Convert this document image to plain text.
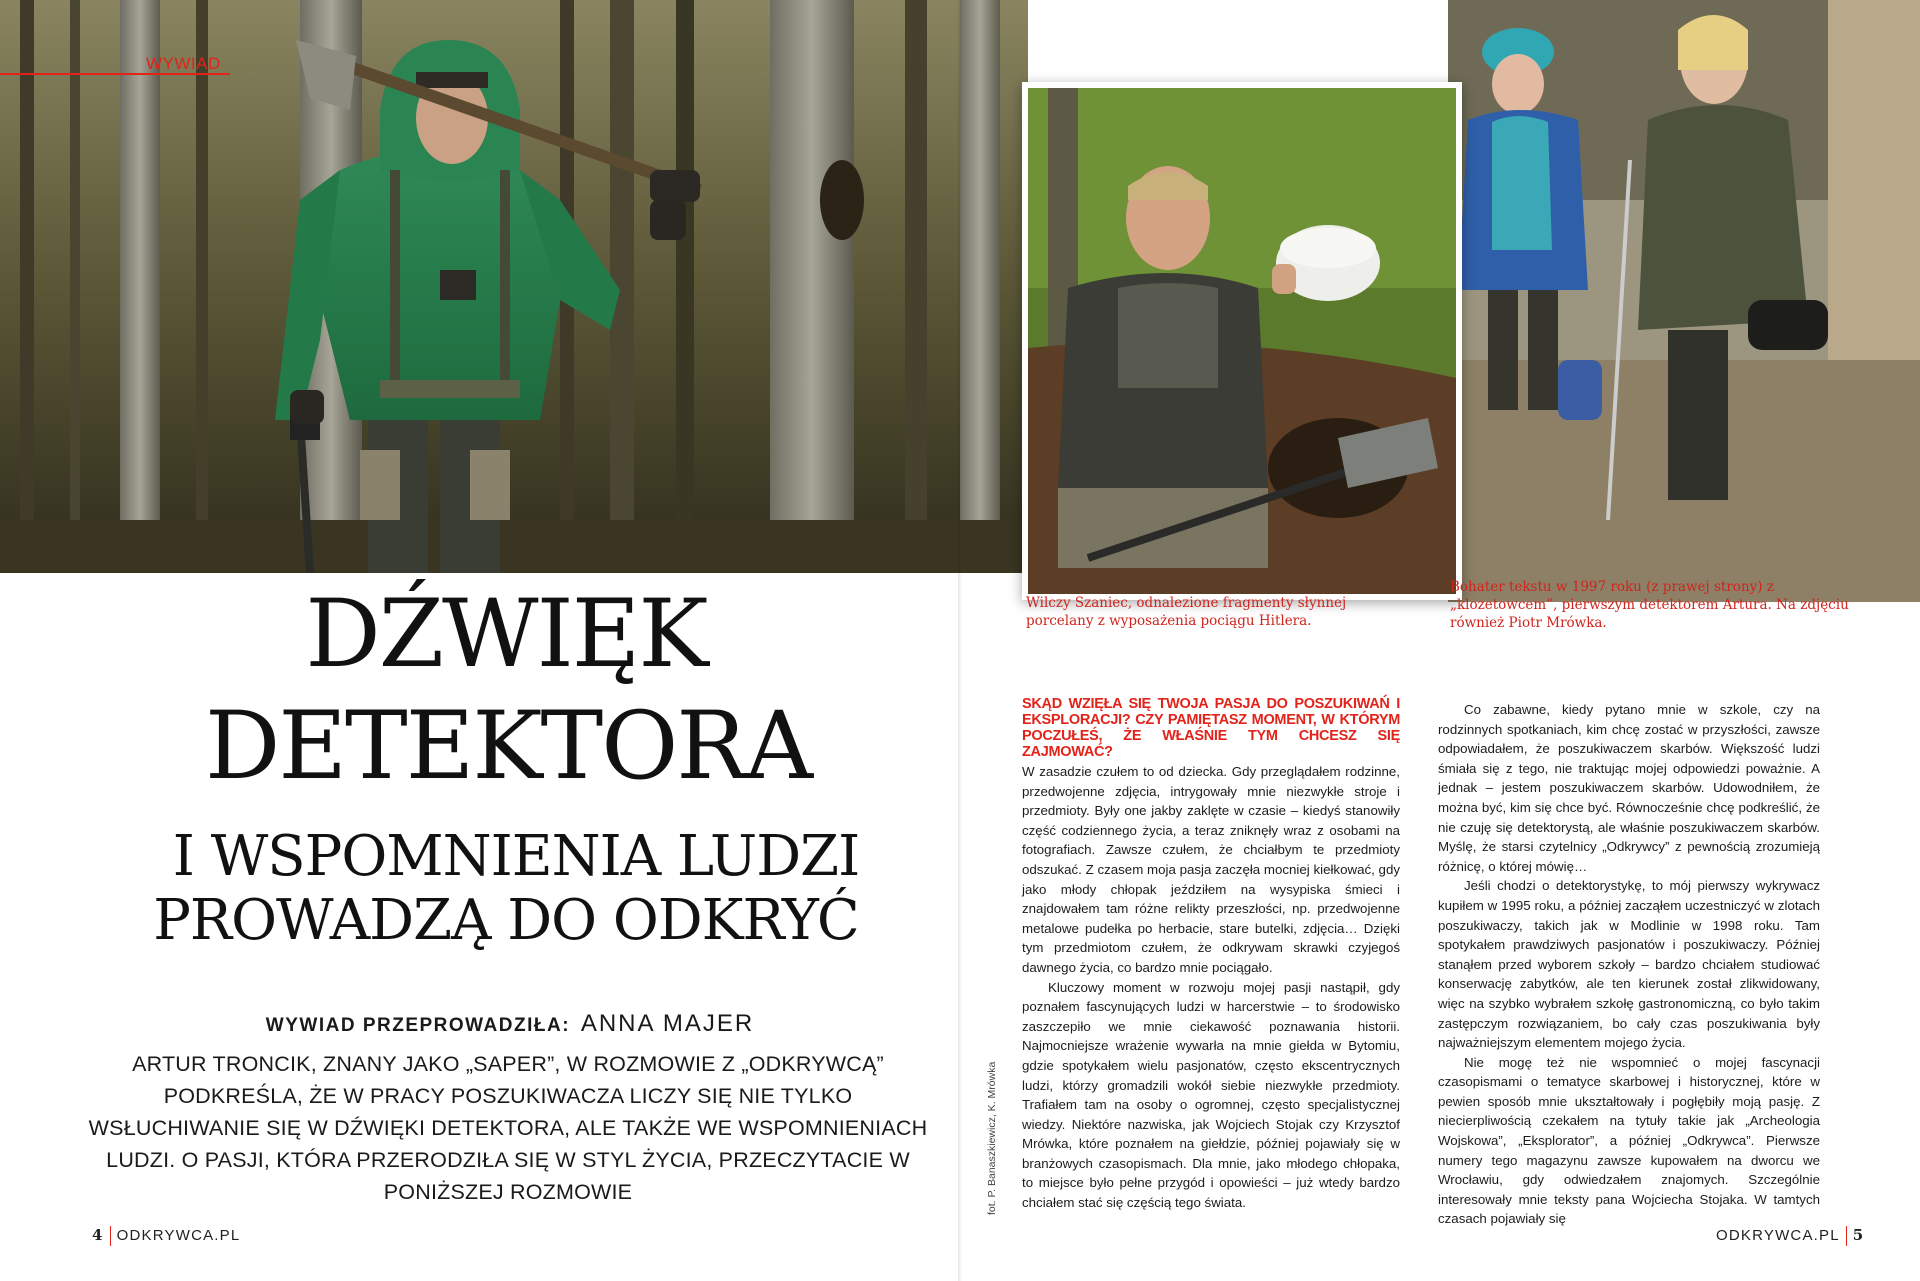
WYWIAD
DŹWIĘK
DETEKTORA
I WSPOMNIENIA LUDZI
PROWADZĄ DO ODKRYĆ
WYWIAD PRZEPROWADZIŁA: ANNA MAJER
ARTUR TRONCIK, ZNANY JAKO „SAPER”, W ROZMOWIE Z „ODKRYWCĄ” PODKREŚLA, ŻE W PRACY POSZUKIWACZA LICZY SIĘ NIE TYLKO WSŁUCHIWANIE SIĘ W DŹWIĘKI DETEKTORA, ALE TAKŻE WE WSPOMNIENIACH LUDZI. O PASJI, KTÓRA PRZERODZIŁA SIĘ W STYL ŻYCIA, PRZECZYTACIE W PONIŻSZEJ ROZMOWIE
4 ODKRYWCA.PL
Wilczy Szaniec, odnalezione fragmenty słynnej porcelany z wyposażenia pociągu Hitlera.
Bohater tekstu w 1997 roku (z prawej strony) z „klozetowcem”, pierwszym detektorem Artura. Na zdjęciu również Piotr Mrówka.
fot. P. Banaszkiewicz, K. Mrówka
SKĄD WZIĘŁA SIĘ TWOJA PASJA DO POSZUKIWAŃ I EKSPLORACJI? CZY PAMIĘTASZ MOMENT, W KTÓRYM POCZUŁEŚ, ŻE WŁAŚNIE TYM CHCESZ SIĘ ZAJMOWAĆ?

W zasadzie czułem to od dziecka. Gdy przeglądałem rodzinne, przedwojenne zdjęcia, intrygowały mnie niezwykłe stroje i przedmioty. Były one jakby zaklęte w czasie – kiedyś stanowiły część codziennego życia, a teraz zniknęły wraz z osobami na fotografiach. Zawsze czułem, że chciałbym te przedmioty odszukać. Z czasem moja pasja zaczęła mocniej kiełkować, gdy jako młody chłopak jeździłem na wysypiska śmieci i znajdowałem tam różne relikty przeszłości, np. przedwojenne metalowe pudełka po herbacie, stare butelki, zdjęcia… Dzięki tym przedmiotom czułem, że odkrywam skrawki czyjegoś dawnego życia, co bardzo mnie pociągało.

Kluczowy moment w rozwoju mojej pasji nastąpił, gdy poznałem fascynujących ludzi w harcerstwie – to środowisko zaszczepiło we mnie ciekawość poznawania historii. Najmocniejsze wrażenie wywarła na mnie giełda w Bytomiu, gdzie spotykałem wielu pasjonatów, często ekscentrycznych ludzi, którzy gromadzili wokół siebie niezwykłe przedmioty. Trafiałem tam na osoby o ogromnej, często specjalistycznej wiedzy. Niektóre nazwiska, jak Wojciech Stojak czy Krzysztof Mrówka, które poznałem na giełdzie, później pojawiały się w branżowych czasopismach. Dla mnie, jako młodego chłopaka, to miejsce było pełne przygód i opowieści – już wtedy bardzo chciałem stać się częścią tego świata.

Co zabawne, kiedy pytano mnie w szkole, czy na rodzinnych spotkaniach, kim chcę zostać w przyszłości, zawsze odpowiadałem, że poszukiwaczem skarbów. Większość ludzi śmiała się z tego, nie traktując mojej odpowiedzi poważnie. A jednak – jestem poszukiwaczem skarbów. Udowodniłem, że można być, kim się chce być. Równocześnie chcę podkreślić, że nie czuję się detektorystą, ale właśnie poszukiwaczem skarbów. Myślę, że starsi czytelnicy „Odkrywcy” z pewnością zrozumieją różnicę, o której mówię…

Jeśli chodzi o detektorystykę, to mój pierwszy wykrywacz kupiłem w 1995 roku, a później zacząłem uczestniczyć w zlotach poszukiwaczy, takich jak w Modlinie w 1998 roku. Tam spotykałem prawdziwych pasjonatów i poszukiwaczy. Później stanąłem przed wyborem szkoły – bardzo chciałem studiować konserwację zabytków, ale ten kierunek został zlikwidowany, więc na szybko wybrałem szkołę gastronomiczną, co było takim zastępczym rozwiązaniem, bo cały czas poszukiwania były najważniejszym elementem mojego życia.

Nie mogę też nie wspomnieć o mojej fascynacji czasopismami o tematyce skarbowej i historycznej, które w pewien sposób mnie ukształtowały i pogłębiły moją pasję. Z niecierpliwością czekałem na tytuły takie jak „Archeologia Wojskowa”, „Eksplorator”, a później „Odkrywca”. Pierwsze numery tego magazynu zawsze kupowałem na dworcu we Wrocławiu, gdy odwiedzałem znajomych. Szczególnie interesowały mnie teksty pana Wojciecha Stojaka. W tamtych czasach pojawiały się

ODKRYWCA.PL 5
